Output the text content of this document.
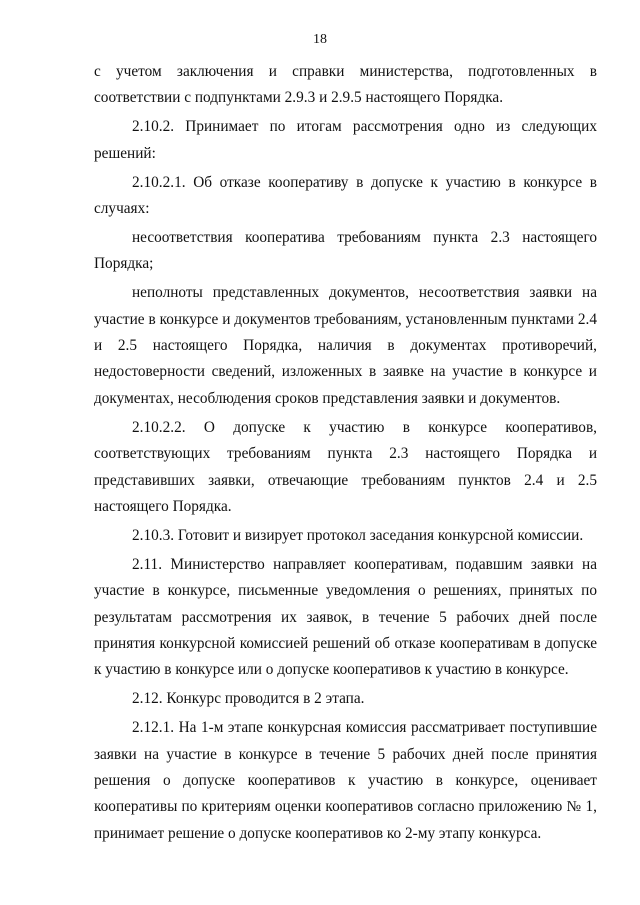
18

с учетом заключения и справки министерства, подготовленных в соответствии с подпунктами 2.9.3 и 2.9.5 настоящего Порядка.

2.10.2. Принимает по итогам рассмотрения одно из следующих решений:

2.10.2.1. Об отказе кооперативу в допуске к участию в конкурсе в случаях:

несоответствия кооператива требованиям пункта 2.3 настоящего Порядка;

неполноты представленных документов, несоответствия заявки на участие в конкурсе и документов требованиям, установленным пунктами 2.4 и 2.5 настоящего Порядка, наличия в документах противоречий, недостоверности сведений, изложенных в заявке на участие в конкурсе и документах, несоблюдения сроков представления заявки и документов.

2.10.2.2. О допуске к участию в конкурсе кооперативов, соответствующих требованиям пункта 2.3 настоящего Порядка и представивших заявки, отвечающие требованиям пунктов 2.4 и 2.5 настоящего Порядка.

2.10.3. Готовит и визирует протокол заседания конкурсной комиссии.

2.11. Министерство направляет кооперативам, подавшим заявки на участие в конкурсе, письменные уведомления о решениях, принятых по результатам рассмотрения их заявок, в течение 5 рабочих дней после принятия конкурсной комиссией решений об отказе кооперативам в допуске к участию в конкурсе или о допуске кооперативов к участию в конкурсе.

2.12. Конкурс проводится в 2 этапа.

2.12.1. На 1-м этапе конкурсная комиссия рассматривает поступившие заявки на участие в конкурсе в течение 5 рабочих дней после принятия решения о допуске кооперативов к участию в конкурсе, оценивает кооперативы по критериям оценки кооперативов согласно приложению № 1, принимает решение о допуске кооперативов ко 2-му этапу конкурса.
